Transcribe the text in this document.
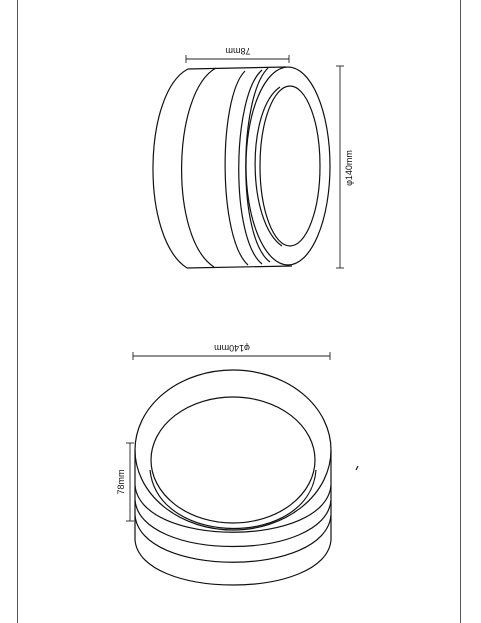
78mm
φ140mm
φ140mm
78mm
